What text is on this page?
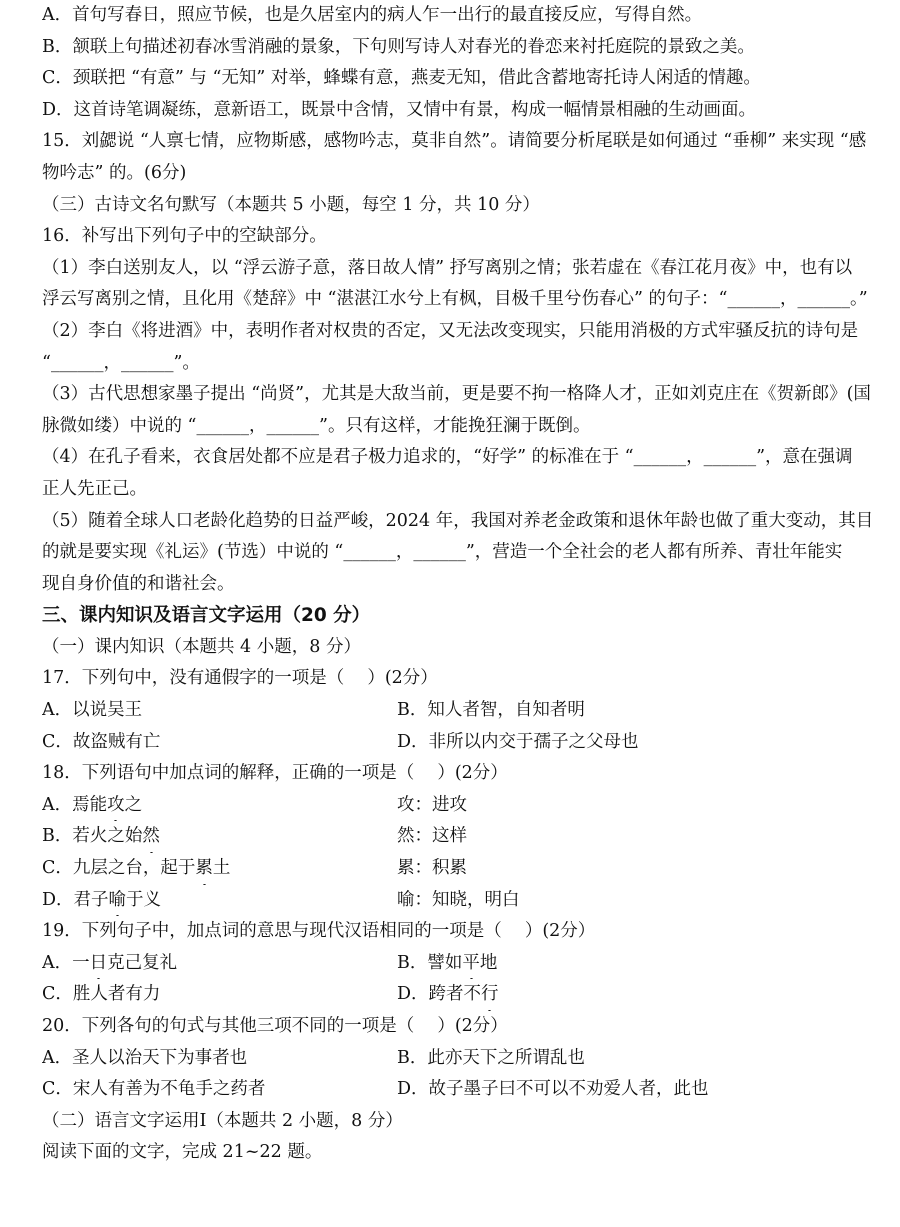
A．首句写春日，照应节候，也是久居室内的病人乍一出行的最直接反应，写得自然。
B．颔联上句描述初春冰雪消融的景象，下句则写诗人对春光的眷恋来衬托庭院的景致之美。
C．颈联把 “有意” 与 “无知” 对举，蜂蝶有意，燕麦无知，借此含蓄地寄托诗人闲适的情趣。
D．这首诗笔调凝练，意新语工，既景中含情，又情中有景，构成一幅情景相融的生动画面。
15．刘勰说 “人禀七情，应物斯感，感物吟志，莫非自然”。请简要分析尾联是如何通过 “垂柳” 来实现 “感
物吟志” 的。(6分)
（三）古诗文名句默写（本题共 5 小题，每空 1 分，共 10 分）
16．补写出下列句子中的空缺部分。
（1）李白送别友人，以 “浮云游子意，落日故人情” 抒写离别之情；张若虚在《春江花月夜》中，也有以
浮云写离别之情，且化用《楚辞》中 “湛湛江水兮上有枫，目极千里兮伤春心” 的句子：“______，______。”
（2）李白《将进酒》中，表明作者对权贵的否定，又无法改变现实，只能用消极的方式牢骚反抗的诗句是
“______，______”。
（3）古代思想家墨子提出 “尚贤”，尤其是大敌当前，更是要不拘一格降人才，正如刘克庄在《贺新郎》(国
脉微如缕）中说的 “______，______”。只有这样，才能挽狂澜于既倒。
（4）在孔子看来，衣食居处都不应是君子极力追求的，“好学” 的标准在于 “______，______”，意在强调
正人先正己。
（5）随着全球人口老龄化趋势的日益严峻，2024 年，我国对养老金政策和退休年龄也做了重大变动，其目
的就是要实现《礼运》(节选）中说的 “______，______”，营造一个全社会的老人都有所养、青壮年能实
现自身价值的和谐社会。
三、课内知识及语言文字运用（20 分）
（一）课内知识（本题共 4 小题，8 分）
17．下列句中，没有通假字的一项是（　 ）(2分）
A．以说吴王	B．知人者智，自知者明
C．故盗贼有亡	D．非所以内交于孺子之父母也
18．下列语句中加点词的解释，正确的一项是（　 ）(2分）
A．焉能攻之	攻：进攻
B．若火之始然	然：这样
C．九层之台，起于累土	累：积累
D．君子喻于义	喻：知晓，明白
19．下列句子中，加点词的意思与现代汉语相同的一项是（　 ）(2分）
A．一日克己复礼	B．譬如平地
C．胜人者有力	D．跨者不行
20．下列各句的句式与其他三项不同的一项是（　 ）(2分）
A．圣人以治天下为事者也	B．此亦天下之所谓乱也
C．宋人有善为不龟手之药者	D．故子墨子曰不可以不劝爱人者，此也
（二）语言文字运用Ⅰ（本题共 2 小题，8 分）
阅读下面的文字，完成 21~22 题。
